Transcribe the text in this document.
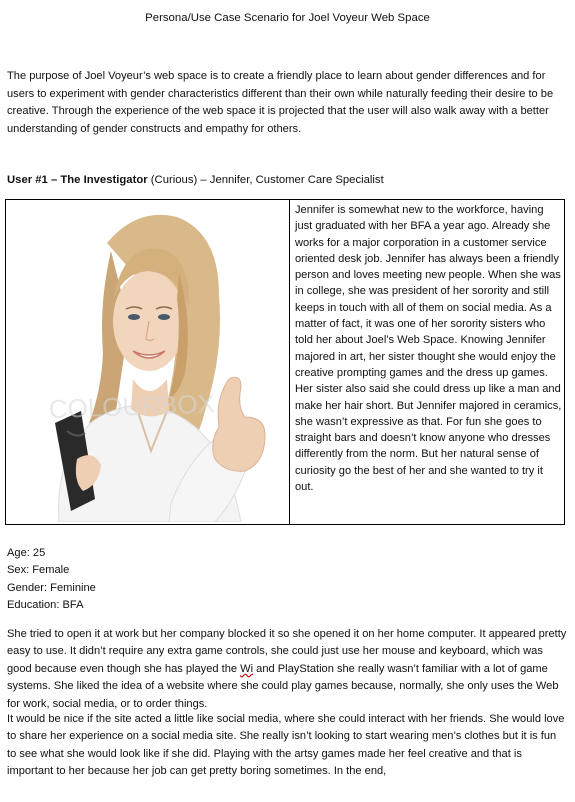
Persona/Use Case Scenario for Joel Voyeur Web Space
The purpose of Joel Voyeur’s web space is to create a friendly place to learn about gender differences and for users to experiment with gender characteristics different than their own while naturally feeding their desire to be creative. Through the experience of the web space it is projected that the user will also walk away with a better understanding of gender constructs and empathy for others.
User #1 – The Investigator (Curious) – Jennifer, Customer Care Specialist
COLOURBOX
Jennifer is somewhat new to the workforce, having just graduated with her BFA a year ago. Already she works for a major corporation in a customer service oriented desk job. Jennifer has always been a friendly person and loves meeting new people. When she was in college, she was president of her sorority and still keeps in touch with all of them on social media. As a matter of fact, it was one of her sorority sisters who told her about Joel’s Web Space. Knowing Jennifer majored in art, her sister thought she would enjoy the creative prompting games and the dress up games. Her sister also said she could dress up like a man and make her hair short. But Jennifer majored in ceramics, she wasn’t expressive as that. For fun she goes to straight bars and doesn’t know anyone who dresses differently from the norm. But her natural sense of curiosity go the best of her and she wanted to try it out.
Age: 25
Sex: Female
Gender: Feminine
Education: BFA
She tried to open it at work but her company blocked it so she opened it on her home computer. It appeared pretty easy to use. It didn’t require any extra game controls, she could just use her mouse and keyboard, which was good because even though she has played the Wi and PlayStation she really wasn’t familiar with a lot of game systems. She liked the idea of a website where she could play games because, normally, she only uses the Web for work, social media, or to order things.
It would be nice if the site acted a little like social media, where she could interact with her friends. She would love to share her experience on a social media site. She really isn’t looking to start wearing men’s clothes but it is fun to see what she would look like if she did. Playing with the artsy games made her feel creative and that is important to her because her job can get pretty boring sometimes. In the end,
